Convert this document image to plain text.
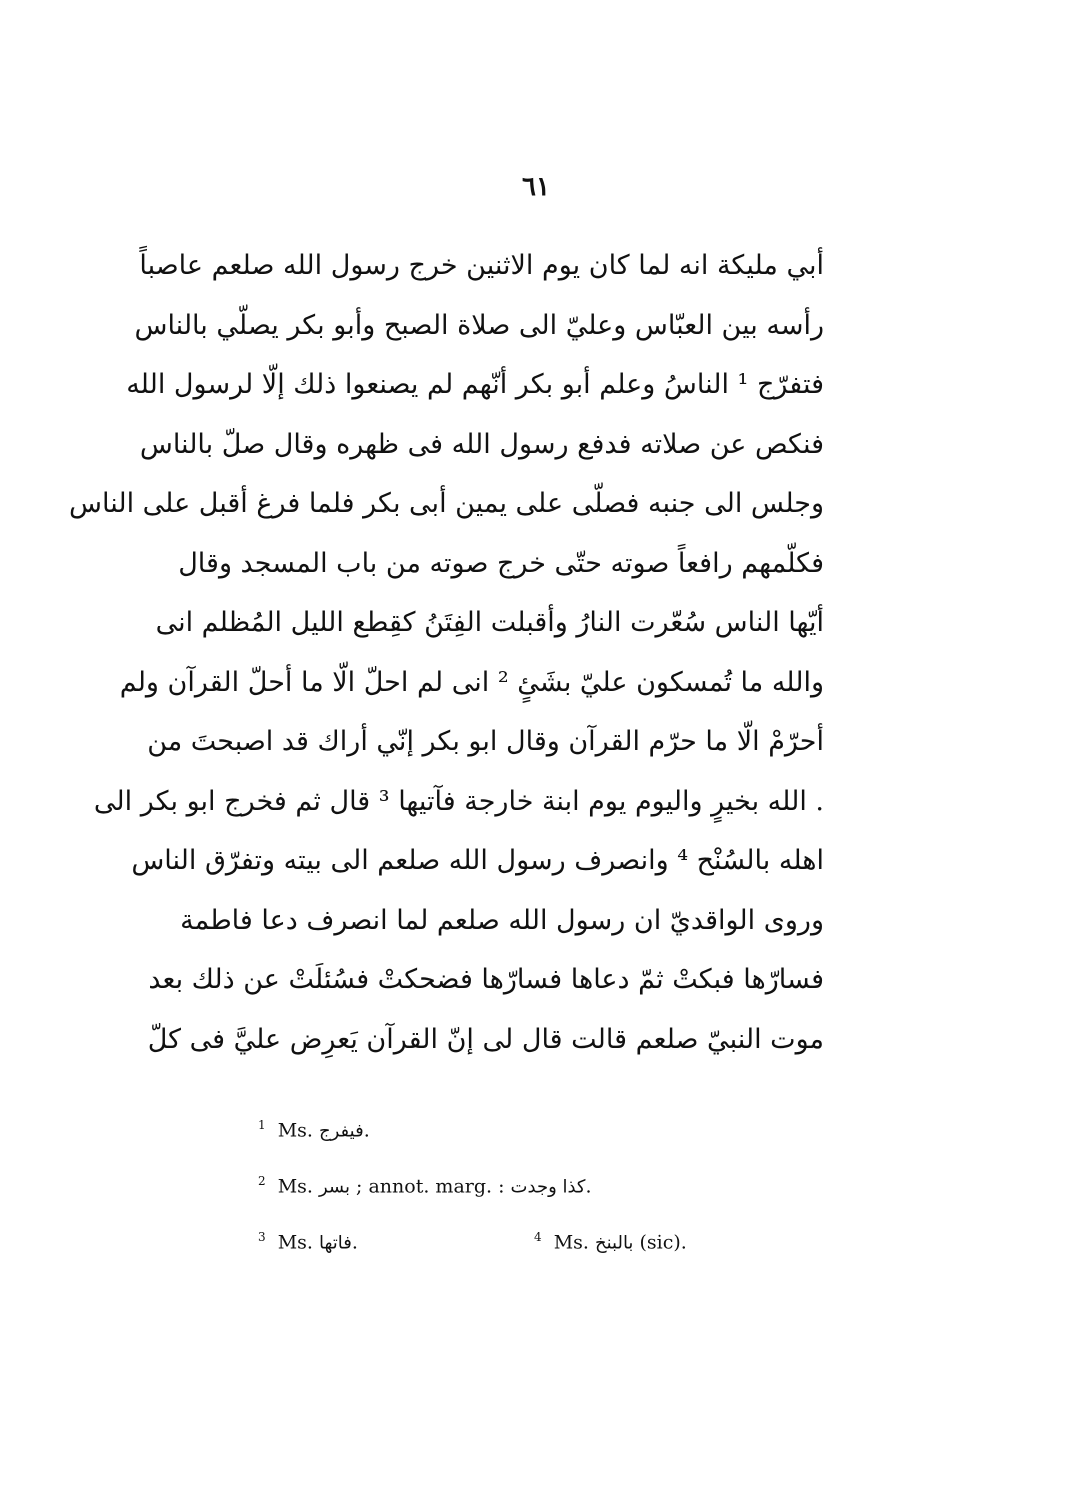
٦١
أبي مليكة انه لما كان يوم الاثنين خرج رسول الله صلعم عاصباً
رأسه بين العبّاس وعليّ الى صلاة الصبح وأبو بكر يصلّي بالناس
فتفرّج ¹ الناسُ وعلم أبو بكر أنّهم لم يصنعوا ذلك إلّا لرسول الله
فنكص عن صلاته فدفع رسول الله فى ظهره وقال صلّ بالناس
وجلس الى جنبه فصلّى على يمين أبى بكر فلما فرغ أقبل على الناس
فكلّمهم رافعاً صوته حتّى خرج صوته من باب المسجد وقال
أيّها الناس سُعّرت النارُ وأقبلت الفِتَنُ كقِطع الليل المُظلم انى
والله ما تُمسكون عليّ بشَئٍ ² انى لم احلّ الّا ما أحلّ القرآن ولم
أحرّمْ الّا ما حرّم القرآن وقال ابو بكر إنّي أراك قد اصبحتَ من
. الله بخيرٍ واليوم يوم ابنة خارجة فآتيها ³ قال ثم فخرج ابو بكر الى
اهله بالسُنْح ⁴ وانصرف رسول الله صلعم الى بيته وتفرّق الناس
وروى الواقديّ ان رسول الله صلعم لما انصرف دعا فاطمة
فسارّها فبكتْ ثمّ دعاها فسارّها فضحكتْ فسُئلَتْ عن ذلك بعد
موت النبيّ صلعم قالت قال لى إنّ القرآن يَعرِض عليَّ فى كلّ
$^1$ Ms. فيفرج.
$^2$ Ms. بسر ; annot. marg. : كذا وجدت.
$^3$ Ms. فاتها.	$^4$ Ms. بالبنخ (sic).
